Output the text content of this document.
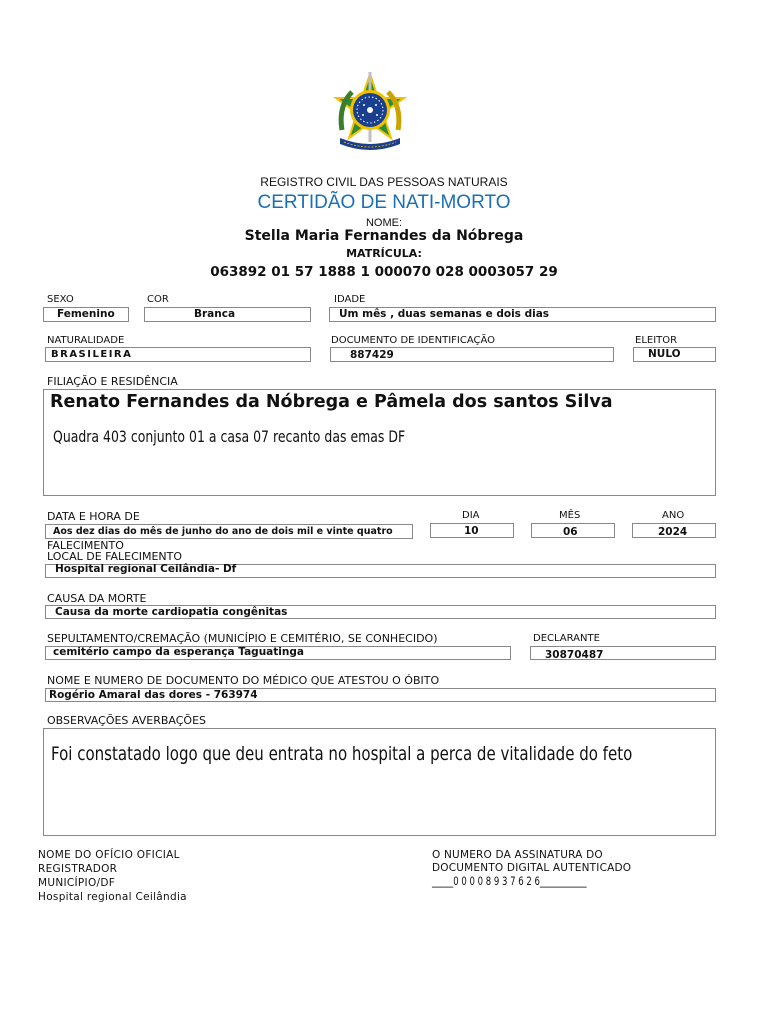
REGISTRO CIVIL DAS PESSOAS NATURAIS
CERTIDÃO DE NATI-MORTO
NOME:
Stella Maria Fernandes da Nóbrega
MATRÍCULA:
063892 01 57 1888 1 000070 028 0003057 29
SEXO
Femenino
COR
Branca
IDADE
Um mês , duas semanas e dois dias
NATURALIDADE
BRASILEIRA
DOCUMENTO DE IDENTIFICAÇÃO
887429
ELEITOR
NULO
FILIAÇÃO E RESIDÊNCIA
Renato Fernandes da Nóbrega e Pâmela dos santos Silva
Quadra 403 conjunto 01 a casa 07 recanto das emas DF
DATA E HORA DE
FALECIMENTO
Aos dez dias do mês de junho do ano de dois mil e vinte quatro
DIA
10
MÊS
06
ANO
2024
LOCAL DE FALECIMENTO
Hospital regional Ceilândia- Df
CAUSA DA MORTE
Causa da morte cardiopatia congênitas
SEPULTAMENTO/CREMAÇÃO (MUNICÍPIO E CEMITÉRIO, SE CONHECIDO)
cemitério campo da esperança Taguatinga
DECLARANTE
30870487
NOME E NUMERO DE DOCUMENTO DO MÉDICO QUE ATESTOU O ÓBITO
Rogério Amaral das dores - 763974
OBSERVAÇÕES AVERBAÇÕES
Foi constatado logo que deu entrata no hospital a perca de vitalidade do feto
NOME DO OFÍCIO OFICIAL
REGISTRADOR
MUNICÍPIO/DF
Hospital regional Ceilândia
O NUMERO DA ASSINATURA DO
DOCUMENTO DIGITAL AUTENTICADO
_____0 0 0 0 8 9 3 7 6 2 6___________
